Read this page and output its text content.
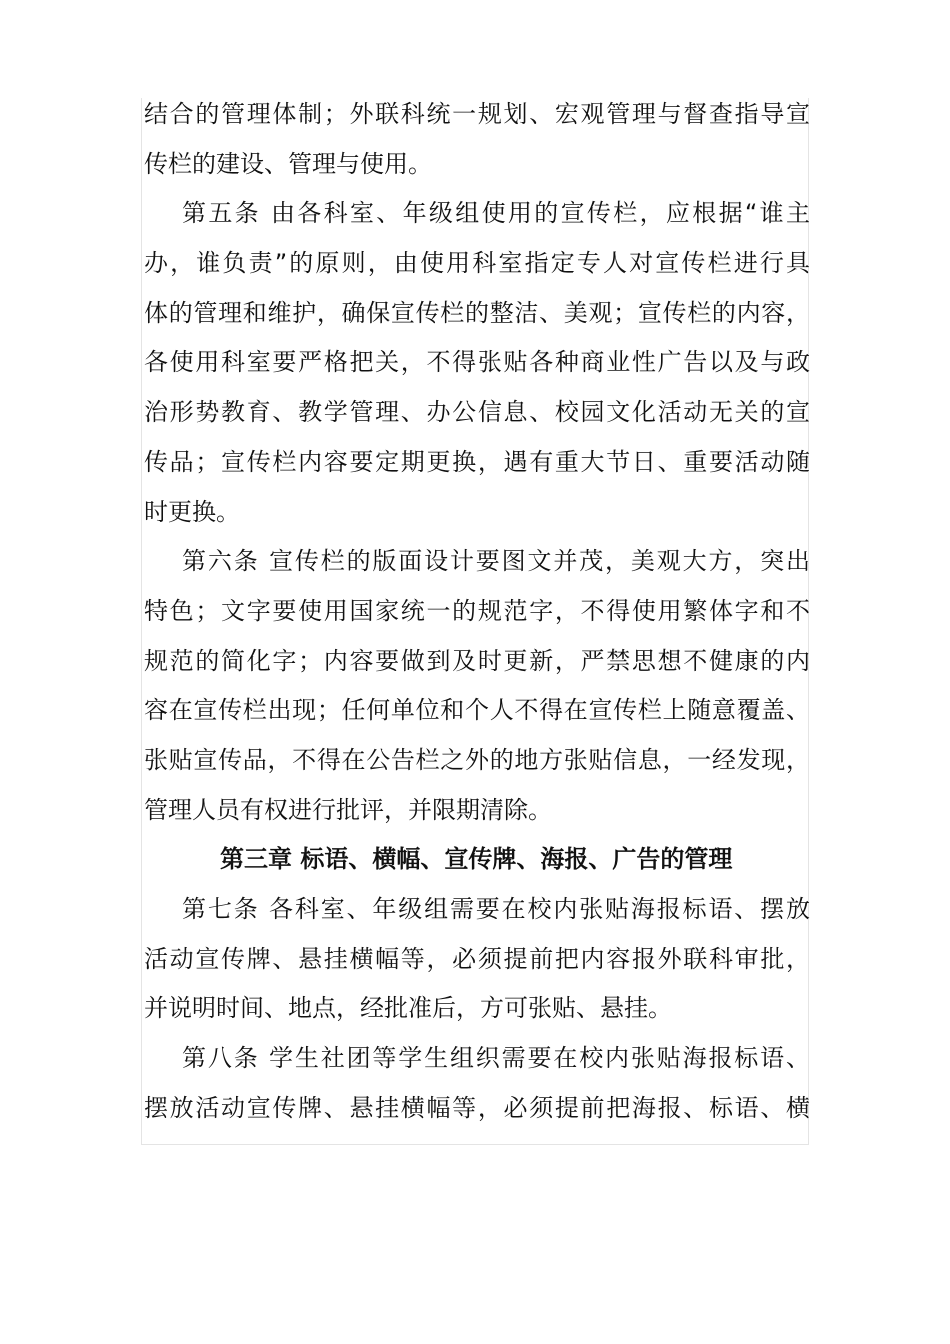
结合的管理体制；外联科统一规划、宏观管理与督查指导宣
传栏的建设、管理与使用。
第五条 由各科室、年级组使用的宣传栏，应根据“谁主
办，谁负责”的原则，由使用科室指定专人对宣传栏进行具
体的管理和维护，确保宣传栏的整洁、美观；宣传栏的内容，
各使用科室要严格把关，不得张贴各种商业性广告以及与政
治形势教育、教学管理、办公信息、校园文化活动无关的宣
传品；宣传栏内容要定期更换，遇有重大节日、重要活动随
时更换。
第六条 宣传栏的版面设计要图文并茂，美观大方，突出
特色；文字要使用国家统一的规范字，不得使用繁体字和不
规范的简化字；内容要做到及时更新，严禁思想不健康的内
容在宣传栏出现；任何单位和个人不得在宣传栏上随意覆盖、
张贴宣传品，不得在公告栏之外的地方张贴信息，一经发现，
管理人员有权进行批评，并限期清除。
第三章 标语、横幅、宣传牌、海报、广告的管理
第七条 各科室、年级组需要在校内张贴海报标语、摆放
活动宣传牌、悬挂横幅等，必须提前把内容报外联科审批，
并说明时间、地点，经批准后，方可张贴、悬挂。
第八条 学生社团等学生组织需要在校内张贴海报标语、
摆放活动宣传牌、悬挂横幅等，必须提前把海报、标语、横
